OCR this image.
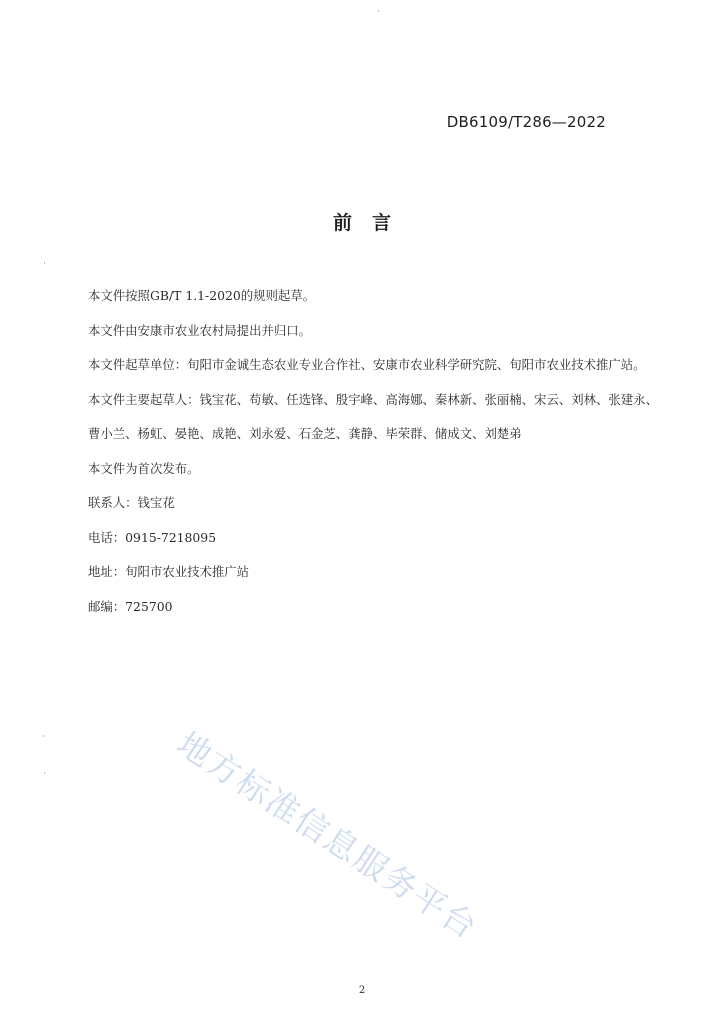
DB6109/T286—2022
前言
本文件按照GB/T 1.1-2020的规则起草。
本文件由安康市农业农村局提出并归口。
本文件起草单位：旬阳市金诚生态农业专业合作社、安康市农业科学研究院、旬阳市农业技术推广站。
本文件主要起草人：钱宝花、苟敏、任选锋、殷宇峰、高海娜、秦林新、张丽楠、宋云、刘林、张建永、曹小兰、杨虹、晏艳、成艳、刘永爱、石金芝、龚静、毕荣群、储成文、刘楚弟
本文件为首次发布。
联系人：钱宝花
电话：0915-7218095
地址：旬阳市农业技术推广站
邮编：725700
地方标准信息服务平台
2
